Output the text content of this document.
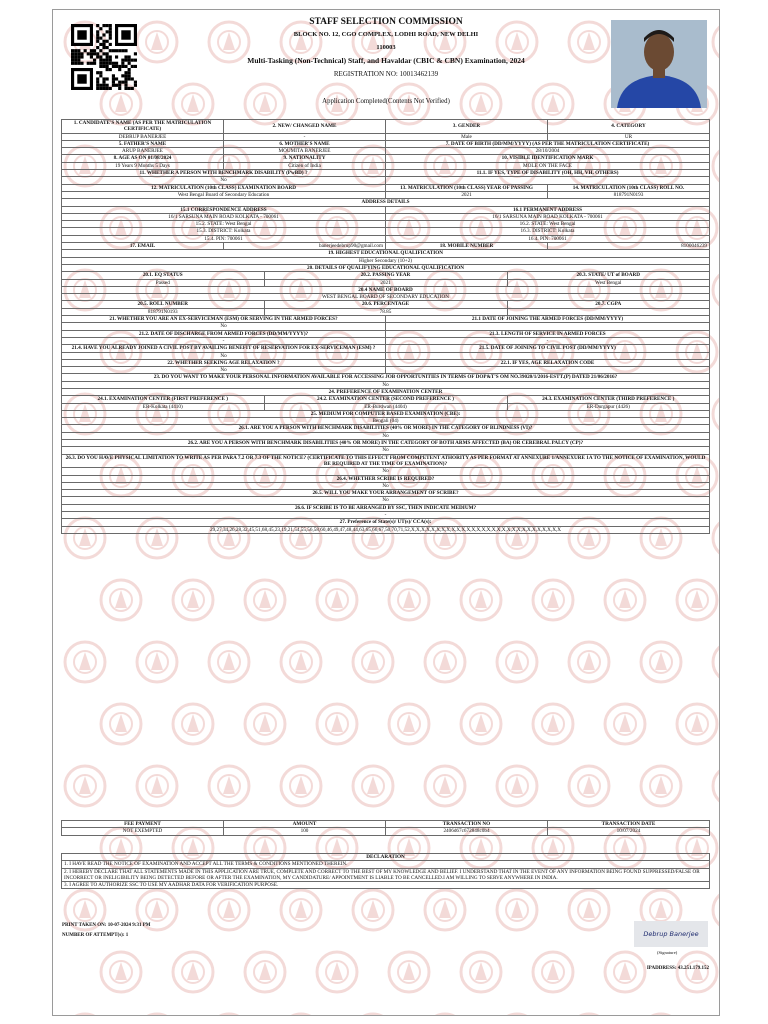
STAFF SELECTION COMMISSION
BLOCK NO. 12, CGO COMPLEX, LODHI ROAD, NEW DELHI
110003
Multi-Tasking (Non-Technical) Staff, and Havaldar (CBIC & CBN) Examination, 2024
REGISTRATION NO: 10013462139
Application Completed(Contents Not Verified)
1. CANDIDATE'S NAME (AS PER THE MATRICULATION CERTIFICATE)	2. NEW/ CHANGED NAME		3. GENDER		4. CATEGORY
DEBRUP BANERJEE	-		Male		UR
5. FATHER'S NAME	6. MOTHER'S NAME		7. DATE OF BIRTH (DD/MM/YYYY) (AS PER THE MATRICULATION CERTIFICATE)		
ARUP BANERJEE	MOUMITA BANERJEE		28/10/2004		
8. AGE AS ON 01/08/2024	9. NATIONALITY		10. VISIBLE IDENTIFICATION MARK		
19 Years 9 Months 5 Days	Citizen of India		MOLE ON THE FACE		
11. WHETHER A PERSON WITH BENCHMARK DISABILITY (PwBD) ?			11.1. IF YES, TYPE OF DISABILITY (OH, HH, VH, OTHERS)		
No					
12. MATRICULATION (10th CLASS) EXAMINATION BOARD			13. MATRICULATION (10th CLASS) YEAR OF PASSING		14. MATRICULATION (10th CLASS) ROLL NO.
West Bengal Board of Secondary Education			2021		818791N0193
ADDRESS DETAILS					
15.1 CORRESPONDENCE ADDRESS			16.1 PERMANENT ADDRESS		
16/1 SARSUNA MAIN ROAD KOLKATA - 700061			16/1 SARSUNA MAIN ROAD KOLKATA - 700061		
15.2. STATE: West Bengal			16.2. STATE: West Bengal		
15.3. DISTRICT: Kolkata			16.3. DISTRICT: Kolkata		
15.4. PIN: 700061			16.4. PIN: 700061		
17. EMAIL	banerjeedebrup90@gmail.com		18. MOBILE NUMBER		8100046239
19. HIGHEST EDUCATIONAL QUALIFICATION					
Higher Secondary (10+2)					
20. DETAILS OF QUALIFYING EDUCATIONAL QUALIFICATION					
20.1. EQ STATUS		20.2. PASSING YEAR		20.3. STATE/ UT of BOARD	
Passed		2021		West Bengal	
20.4 NAME OF BOARD					
WEST BENGAL BOARD OF SECONDARY EDUCATION					
20.5. ROLL NUMBER		20.6. PERCENTAGE		20.7. CGPA	
818791N0193		78.85			
21. WHETHER YOU ARE AN EX-SERVICEMAN (ESM) OR SERVING IN THE ARMED FORCES?			21.1 DATE OF JOINING THE ARMED FORCES (DD/MM/YYYY)		
No					
21.2. DATE OF DISCHARGE FROM ARMED FORCES (DD/MM/YYYY)?			21.3. LENGTH OF SERVICE IN ARMED FORCES		
-			-		
21.4. HAVE YOU ALREADY JOINED A CIVIL POST BY AVAILING BENEFIT OF RESERVATION FOR EX-SERVICEMAN (ESM) ?			21.5. DATE OF JOINING TO CIVIL POST (DD/MM/YYYY)		
No					
22. WHETHER SEEKING AGE RELAXATION ?			22.1. IF YES, AGE RELAXATION CODE		
No					
23. DO YOU WANT TO MAKE YOUR PERSONAL INFORMATION AVAILABLE FOR ACCESSING JOB OPPORTUNITIES IN TERMS OF DOP&T'S OM NO.39020/1/2016-ESTT.(P) DATED 21/06/2016?					
No					
24. PREFERENCE OF EXAMINATION CENTER					
24.1. EXAMINATION CENTER (FIRST PREFERENCE )		24.2. EXAMINATION CENTER (SECOND PREFERENCE )		24.3. EXAMINATION CENTER (THIRD PREFERENCE )	
ER-Kolkata (4410)		ER-Burdwan (4404)		ER-Durgapur (4426)	
25. MEDIUM FOR COMPUTER BASED EXAMINATION (CBE):					
Bengali (04)					
26.1. ARE YOU A PERSON WITH BENCHMARK DISABILITIES (40% OR MORE) IN THE CATEGORY OF BLINDNESS (VI)?					
No					
26.2. ARE YOU A PERSON WITH BENCHMARK DISABILITIES (40% OR MORE) IN THE CATEGORY OF BOTH ARMS AFFECTED (BA) OR CEREBRAL PALCY (CP)?					
No					
26.3. DO YOU HAVE PHYSICAL LIMITATION TO WRITE AS PER PARA 7.2 OR 7.3 OF THE NOTICE? (CERTIFICATE TO THIS EFFECT FROM COMPETENT ATHORITY AS PER FORMAT AT ANNEXURE 1/ANNEXURE 1A TO THE NOTICE OF EXAMINATION, WOULD BE REQUIRED AT THE TIME OF EXAMINATION)?					
No					
26.4. WHETHER SCRIBE IS REQUIRED?					
No					
26.5. WILL YOU MAKE YOUR ARRANGEMENT OF SCRIBE?					
No					
26.6. IF SCRIBE IS TO BE ARRANGED BY SSC, THEN INDICATE MEDIUM?					
-					
27. Preference of State(s)/ UT(s)/ CCA(s):					
29,27,34,26,28,32,45,51,68,45,23,19,21,54,55,56,58,60,46,49,47,48,44,63,65,66,67,50,70,71,52,X,X,X,X,X,X,X,X,X,X,X,X,X,X,X,X,X,X,X,X,X,X,X,X,X,X,X,X,X,X					
FEE PAYMENT	AMOUNT	TRANSACTION NO	TRANSACTION DATE
NOT EXEMPTED	100	2406d67c672848c0b4	10/07/2024
DECLARATION
1. I HAVE READ THE NOTICE OF EXAMINATION AND ACCEPT ALL THE TERMS & CONDITIONS MENTIONED THEREIN.
2. I HEREBY DECLARE THAT ALL STATEMENTS MADE IN THIS APPLICATION ARE TRUE, COMPLETE AND CORRECT TO THE BEST OF MY KNOWLEDGE AND BELIEF. I UNDERSTAND THAT IN THE EVENT OF ANY INFORMATION BEING FOUND SUPPRESSED/FALSE OR INCORRECT OR INELIGIBILITY BEING DETECTED BEFORE OR AFTER THE EXAMINATION, MY CANDIDATURE/ APPOINTMENT IS LIABLE TO BE CANCELLED.I AM WILLING TO SERVE ANYWHERE IN INDIA.
3. I AGREE TO AUTHORIZE SSC TO USE MY AADHAR DATA FOR VERIFICATION PURPOSE.
PRINT TAKEN ON: 10-07-2024 9:31 PM
NUMBER OF ATTEMPT(s): 1	Debrup Banerjee
(Signature)
IPADDRESS: 43.251.179.152
